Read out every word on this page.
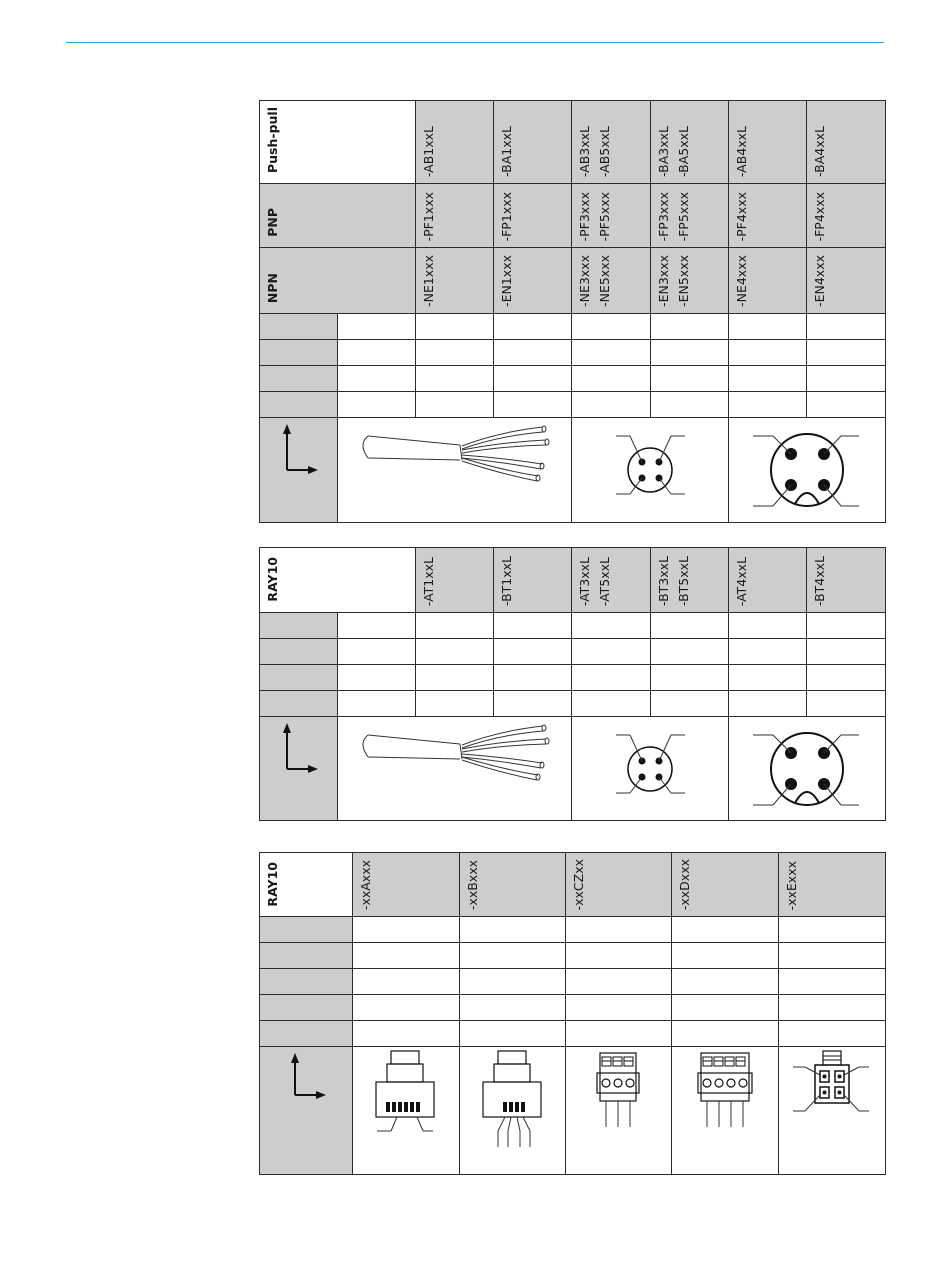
Push-pull		-AB1xxL	-BA1xxL	-AB3xxL -AB5xxL	-BA3xxL -BA5xxL	-AB4xxL	-BA4xxL

PNP		-PF1xxx	-FP1xxx	-PF3xxx -PF5xxx	-FP3xxx -FP5xxx	-PF4xxx	-FP4xxx

NPN		-NE1xxx	-EN1xxx	-NE3xxx -NE5xxx	-EN3xxx -EN5xxx	-NE4xxx	-EN4xxx

RAY10		-AT1xxL	-BT1xxL	-AT3xxL -AT5xxL	-BT3xxL -BT5xxL	-AT4xxL	-BT4xxL

RAY10	-xxAxxx	-xxBxxx	-xxCZxx	-xxDxxx	-xxExxx
